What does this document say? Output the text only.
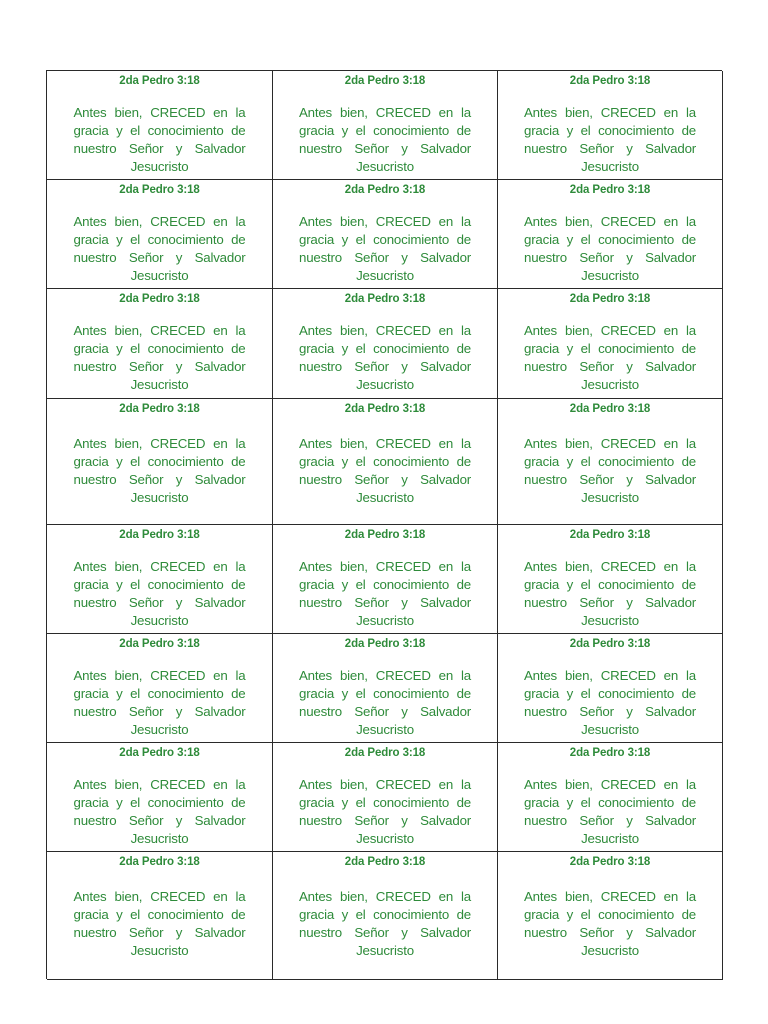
2da Pedro 3:18
Antes bien, CRECED en la gracia y el conocimiento de nuestro Señor y Salvador Jesucristo
2da Pedro 3:18
Antes bien, CRECED en la gracia y el conocimiento de nuestro Señor y Salvador Jesucristo
2da Pedro 3:18
Antes bien, CRECED en la gracia y el conocimiento de nuestro Señor y Salvador Jesucristo
2da Pedro 3:18
Antes bien, CRECED en la gracia y el conocimiento de nuestro Señor y Salvador Jesucristo
2da Pedro 3:18
Antes bien, CRECED en la gracia y el conocimiento de nuestro Señor y Salvador Jesucristo
2da Pedro 3:18
Antes bien, CRECED en la gracia y el conocimiento de nuestro Señor y Salvador Jesucristo
2da Pedro 3:18
Antes bien, CRECED en la gracia y el conocimiento de nuestro Señor y Salvador Jesucristo
2da Pedro 3:18
Antes bien, CRECED en la gracia y el conocimiento de nuestro Señor y Salvador Jesucristo
2da Pedro 3:18
Antes bien, CRECED en la gracia y el conocimiento de nuestro Señor y Salvador Jesucristo
2da Pedro 3:18
Antes bien, CRECED en la gracia y el conocimiento de nuestro Señor y Salvador Jesucristo
2da Pedro 3:18
Antes bien, CRECED en la gracia y el conocimiento de nuestro Señor y Salvador Jesucristo
2da Pedro 3:18
Antes bien, CRECED en la gracia y el conocimiento de nuestro Señor y Salvador Jesucristo
2da Pedro 3:18
Antes bien, CRECED en la gracia y el conocimiento de nuestro Señor y Salvador Jesucristo
2da Pedro 3:18
Antes bien, CRECED en la gracia y el conocimiento de nuestro Señor y Salvador Jesucristo
2da Pedro 3:18
Antes bien, CRECED en la gracia y el conocimiento de nuestro Señor y Salvador Jesucristo
2da Pedro 3:18
Antes bien, CRECED en la gracia y el conocimiento de nuestro Señor y Salvador Jesucristo
2da Pedro 3:18
Antes bien, CRECED en la gracia y el conocimiento de nuestro Señor y Salvador Jesucristo
2da Pedro 3:18
Antes bien, CRECED en la gracia y el conocimiento de nuestro Señor y Salvador Jesucristo
2da Pedro 3:18
Antes bien, CRECED en la gracia y el conocimiento de nuestro Señor y Salvador Jesucristo
2da Pedro 3:18
Antes bien, CRECED en la gracia y el conocimiento de nuestro Señor y Salvador Jesucristo
2da Pedro 3:18
Antes bien, CRECED en la gracia y el conocimiento de nuestro Señor y Salvador Jesucristo
2da Pedro 3:18
Antes bien, CRECED en la gracia y el conocimiento de nuestro Señor y Salvador Jesucristo
2da Pedro 3:18
Antes bien, CRECED en la gracia y el conocimiento de nuestro Señor y Salvador Jesucristo
2da Pedro 3:18
Antes bien, CRECED en la gracia y el conocimiento de nuestro Señor y Salvador Jesucristo
